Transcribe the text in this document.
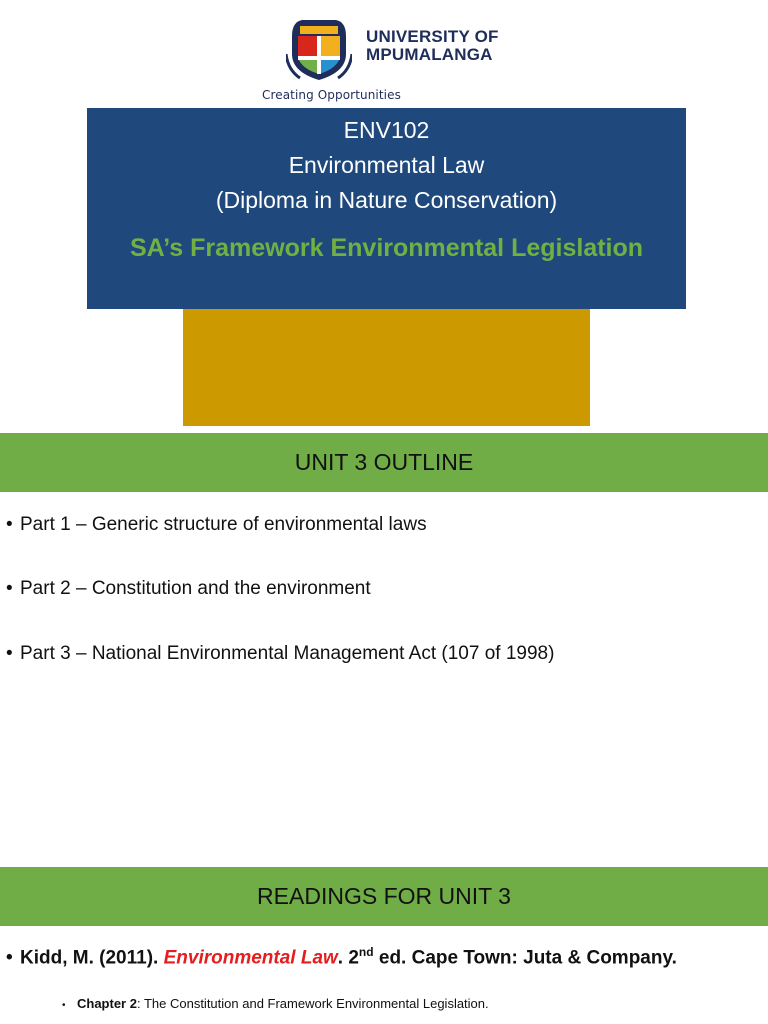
UNIVERSITY OF
MPUMALANGA
Creating Opportunities
ENV102
Environmental Law
(Diploma in Nature Conservation)
SA’s Framework Environmental Legislation
UNIT 3 OUTLINE
• Part 1 – Generic structure of environmental laws
• Part 2 – Constitution and the environment
• Part 3 – National Environmental Management Act (107 of 1998)
READINGS FOR UNIT 3
• Kidd, M. (2011). Environmental Law. 2nd ed. Cape Town: Juta & Company.
• Chapter 2: The Constitution and Framework Environmental Legislation.
